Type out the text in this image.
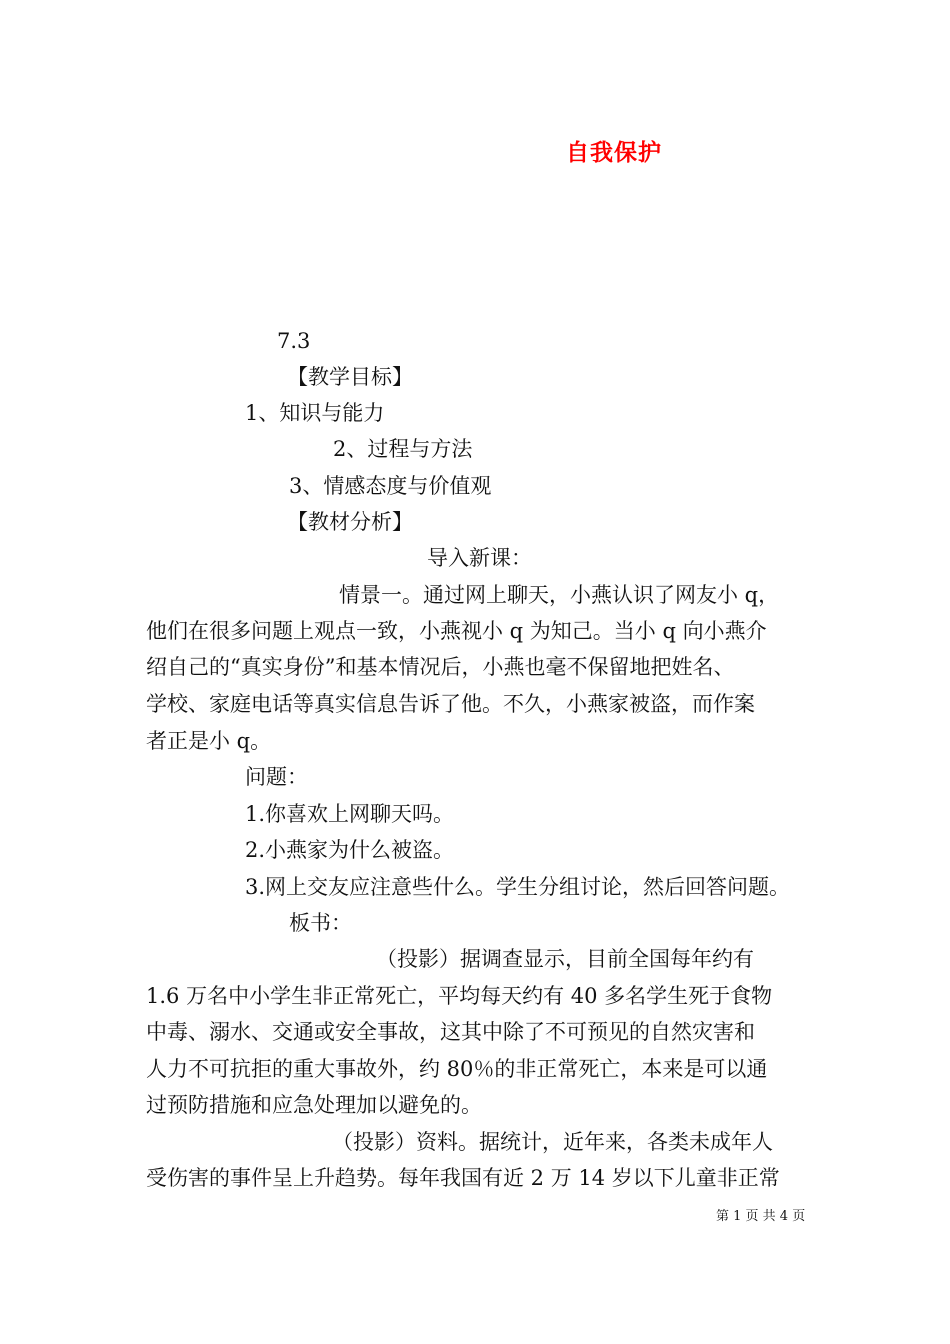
自我保护
7.3
【教学目标】
1、知识与能力
2、过程与方法
3、情感态度与价值观
【教材分析】
导入新课：
情景一。通过网上聊天，小燕认识了网友小 q，
他们在很多问题上观点一致，小燕视小 q 为知己。当小 q 向小燕介
绍自己的“真实身份”和基本情况后，小燕也毫不保留地把姓名、
学校、家庭电话等真实信息告诉了他。不久，小燕家被盗，而作案
者正是小 q。
问题：
1.你喜欢上网聊天吗。
2.小燕家为什么被盗。
3.网上交友应注意些什么。学生分组讨论，然后回答问题。
板书：
（投影）据调查显示，目前全国每年约有
1.6 万名中小学生非正常死亡，平均每天约有 40 多名学生死于食物
中毒、溺水、交通或安全事故，这其中除了不可预见的自然灾害和
人力不可抗拒的重大事故外，约 80％的非正常死亡，本来是可以通
过预防措施和应急处理加以避免的。
（投影）资料。据统计，近年来，各类未成年人
受伤害的事件呈上升趋势。每年我国有近 2 万 14 岁以下儿童非正常
第 1 页 共 4 页
